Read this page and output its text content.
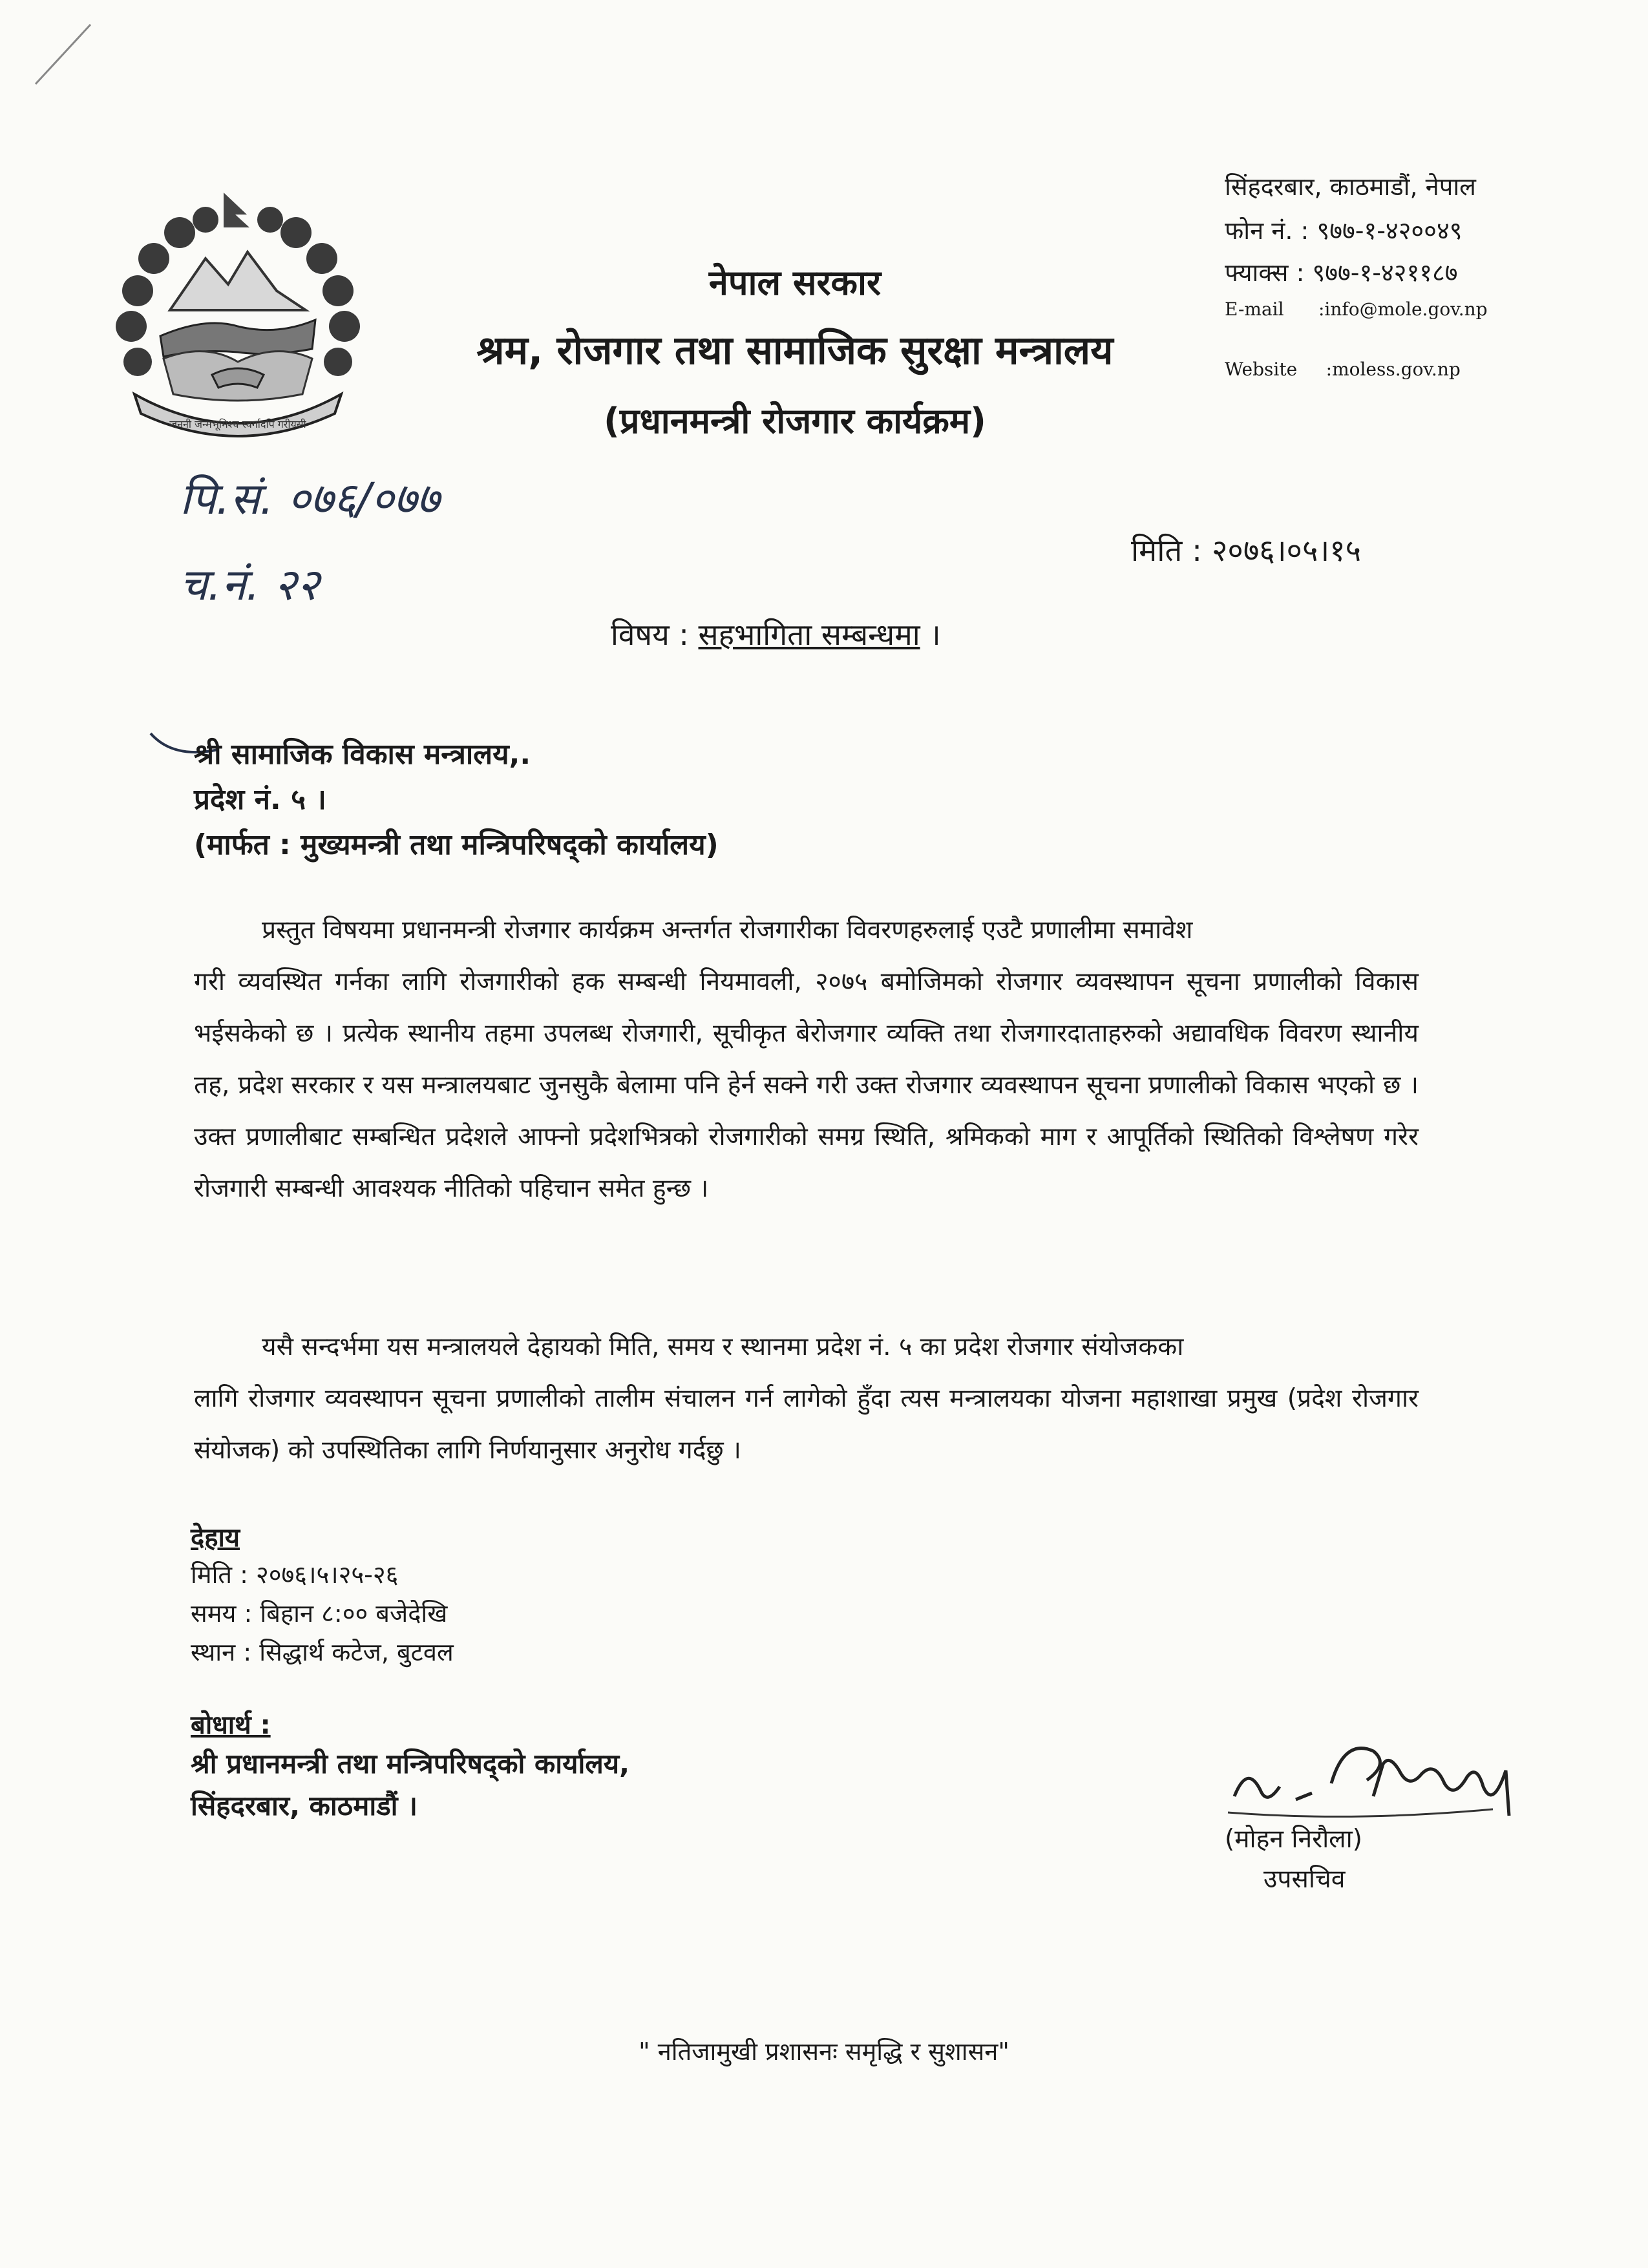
जननी जन्मभूमिश्च स्वर्गादपि गरीयसी
नेपाल सरकार
श्रम, रोजगार तथा सामाजिक सुरक्षा मन्त्रालय
(प्रधानमन्त्री रोजगार कार्यक्रम)
सिंहदरबार, काठमाडौं, नेपाल
फोन नं. : ९७७-१-४२००४९
फ्याक्स : ९७७-१-४२११८७
E-mail      :info@mole.gov.np
Website     :moless.gov.np
पि.सं. ०७६/०७७
च.नं. २२
मिति : २०७६।०५।१५
विषय : सहभागिता सम्बन्धमा ।
श्री सामाजिक विकास मन्त्रालय,.
प्रदेश नं. ५ ।
(मार्फत : मुख्यमन्त्री तथा मन्त्रिपरिषद्को कार्यालय)
प्रस्तुत विषयमा प्रधानमन्त्री रोजगार कार्यक्रम अन्तर्गत रोजगारीका विवरणहरुलाई एउटै प्रणालीमा समावेश
गरी व्यवस्थित गर्नका लागि रोजगारीको हक सम्बन्धी नियमावली, २०७५ बमोजिमको रोजगार व्यवस्थापन सूचना प्रणालीको विकास भईसकेको छ । प्रत्येक स्थानीय तहमा उपलब्ध रोजगारी, सूचीकृत बेरोजगार व्यक्ति तथा रोजगारदाताहरुको अद्यावधिक विवरण स्थानीय तह, प्रदेश सरकार र यस मन्त्रालयबाट जुनसुकै बेलामा पनि हेर्न सक्ने गरी उक्त रोजगार व्यवस्थापन सूचना प्रणालीको विकास भएको छ । उक्त प्रणालीबाट सम्बन्धित प्रदेशले आफ्नो प्रदेशभित्रको रोजगारीको समग्र स्थिति, श्रमिकको माग र आपूर्तिको स्थितिको विश्लेषण गरेर रोजगारी सम्बन्धी आवश्यक नीतिको पहिचान समेत हुन्छ ।
यसै सन्दर्भमा यस मन्त्रालयले देहायको मिति, समय र स्थानमा प्रदेश नं. ५ का प्रदेश रोजगार संयोजकका
लागि रोजगार व्यवस्थापन सूचना प्रणालीको तालीम संचालन गर्न लागेको हुँदा त्यस मन्त्रालयका योजना महाशाखा प्रमुख (प्रदेश रोजगार संयोजक) को उपस्थितिका लागि निर्णयानुसार अनुरोध गर्दछु ।
देहाय
मिति : २०७६।५।२५-२६
समय : बिहान ८:०० बजेदेखि
स्थान : सिद्धार्थ कटेज, बुटवल
बोधार्थ :
श्री प्रधानमन्त्री तथा मन्त्रिपरिषद्को कार्यालय,
सिंहदरबार, काठमाडौं ।
(मोहन निरौला)
उपसचिव
" नतिजामुखी प्रशासनः समृद्धि र सुशासन"
